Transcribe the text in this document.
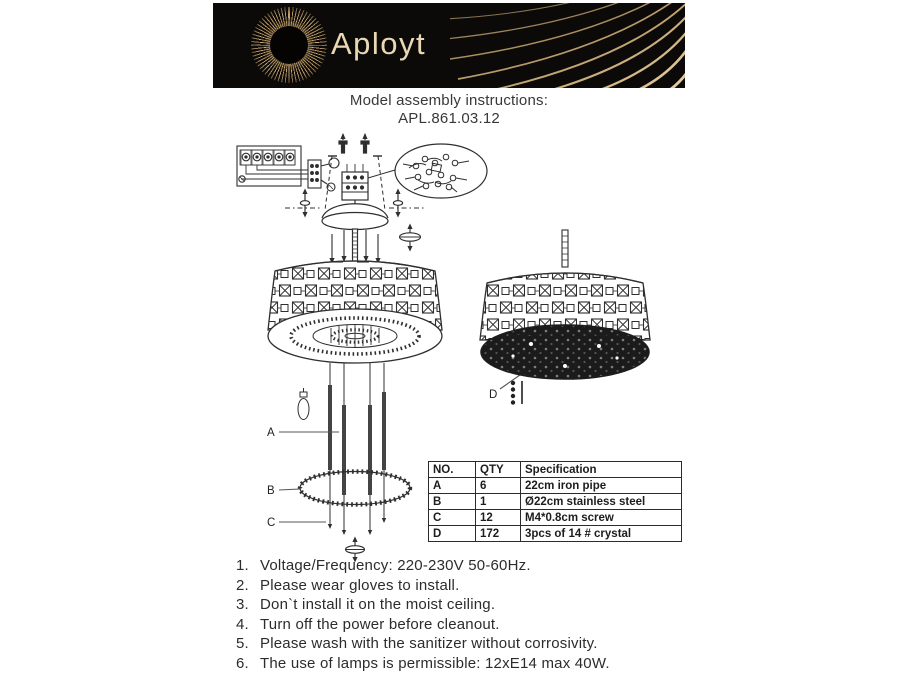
Aployt
Model assembly instructions:
APL.861.03.12
A
B
C
D
NO.	QTY	Specification
A	6	22cm iron pipe
B	1	Ø22cm stainless steel
C	12	M4*0.8cm screw
D	172	3pcs of 14 # crystal
Voltage/Frequency: 220-230V 50-60Hz.
Please wear gloves to install.
Don`t install it on the moist ceiling.
Turn off the power before cleanout.
Please wash with the sanitizer without corrosivity.
The use of lamps is permissible: 12xE14 max 40W.
